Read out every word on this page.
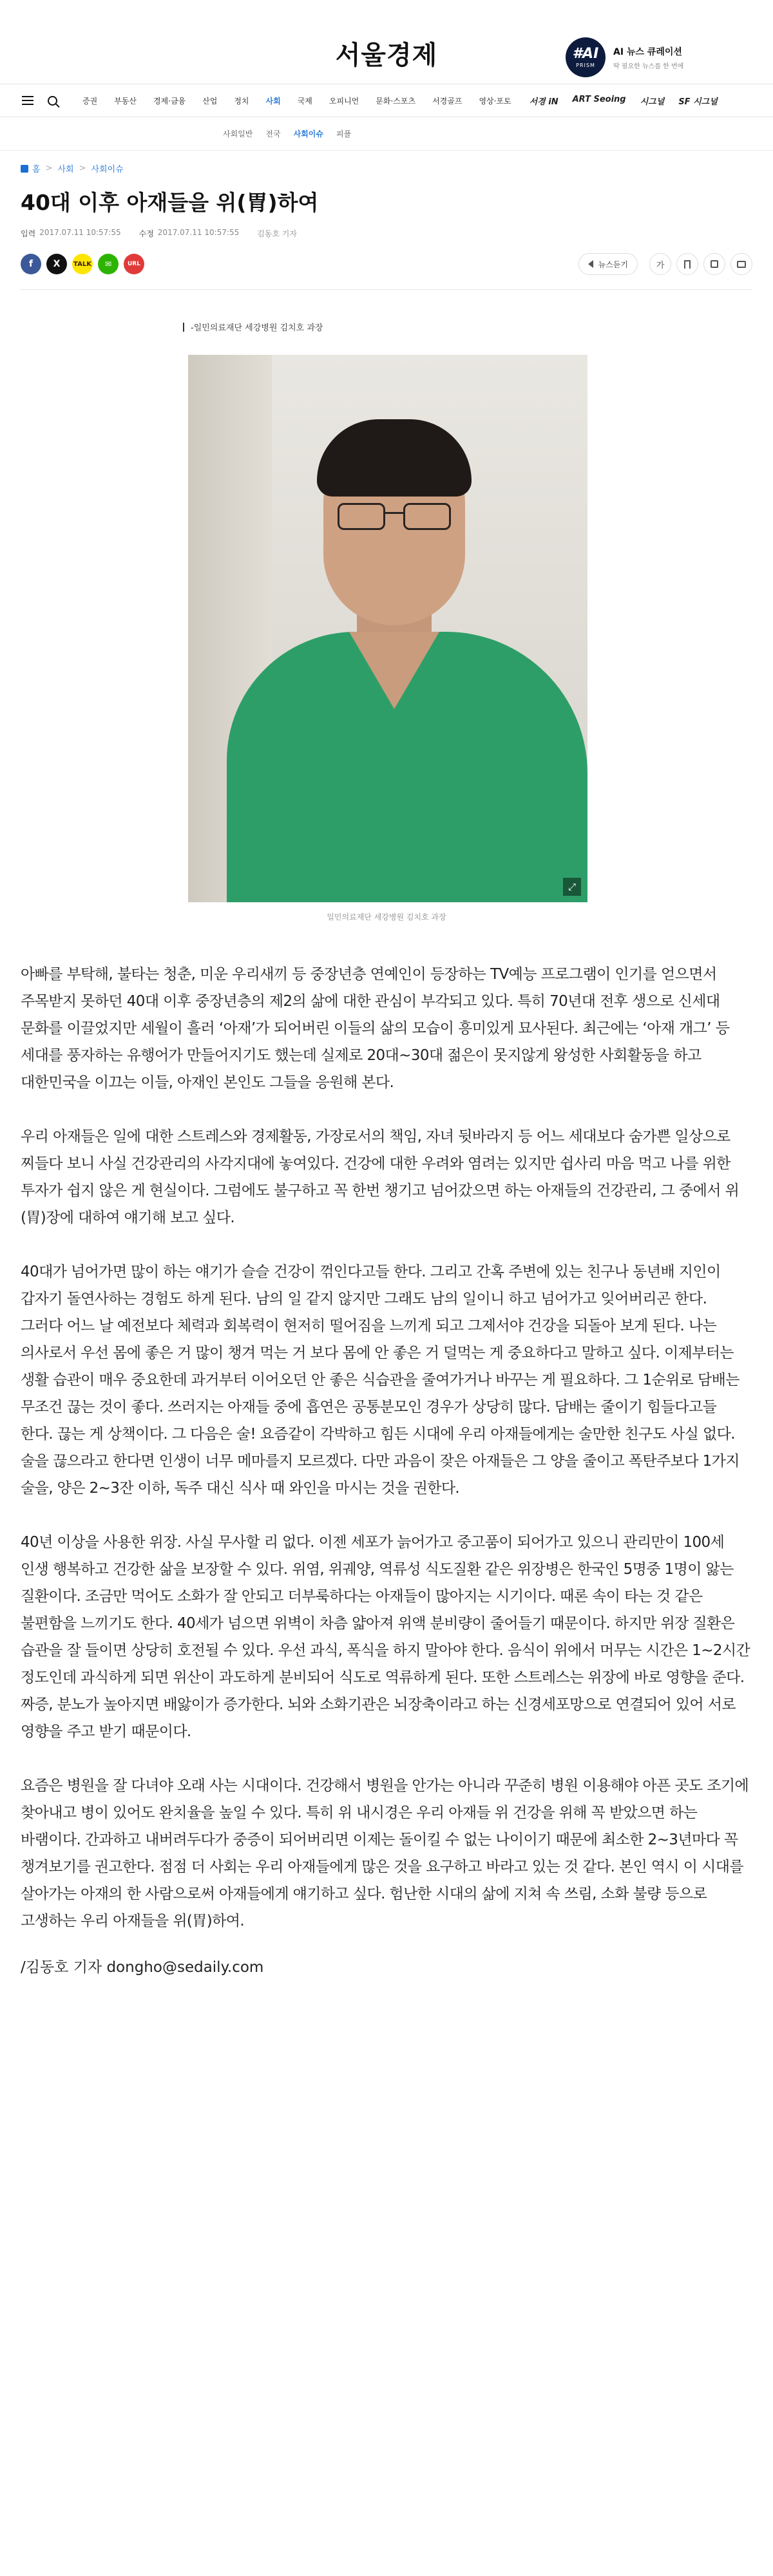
서울경제	#AI
PRISM
AI 뉴스 큐레이션
딱 필요한 뉴스를 한 번에
증권 부동산 경제·금융 산업 정치 사회 국제 오피니언 문화·스포츠 서경골프 영상·포토 서경 iN ART Seoing 시그널 SF 시그널
사회일반 전국 사회이슈 피플
홈 > 사회 > 사회이슈
40대 이후 아재들을 위(胃)하여
입력 2017.07.11 10:57:55 수정 2017.07.11 10:57:55 김동호 기자
f	X	TALK	✉	URL	뉴스듣기	가
-일민의료재단 세강병원 김치호 과장
⤢
일민의료재단 세강병원 김치호 과장

아빠를 부탁해, 불타는 청춘, 미운 우리새끼 등 중장년층 연예인이 등장하는 TV예능 프로그램이 인기를 얻으면서 주목받지 못하던 40대 이후 중장년층의 제2의 삶에 대한 관심이 부각되고 있다. 특히 70년대 전후 생으로 신세대 문화를 이끌었지만 세월이 흘러 ‘아재’가 되어버린 이들의 삶의 모습이 흥미있게 묘사된다. 최근에는 ‘아재 개그’ 등 세대를 풍자하는 유행어가 만들어지기도 했는데 실제로 20대~30대 젊은이 못지않게 왕성한 사회활동을 하고 대한민국을 이끄는 이들, 아재인 본인도 그들을 응원해 본다.

우리 아재들은 일에 대한 스트레스와 경제활동, 가장로서의 책임, 자녀 뒷바라지 등 어느 세대보다 숨가쁜 일상으로 찌들다 보니 사실 건강관리의 사각지대에 놓여있다. 건강에 대한 우려와 염려는 있지만 쉽사리 마음 먹고 나를 위한 투자가 쉽지 않은 게 현실이다. 그럼에도 불구하고 꼭 한번 챙기고 넘어갔으면 하는 아재들의 건강관리, 그 중에서 위(胃)장에 대하여 얘기해 보고 싶다.

40대가 넘어가면 많이 하는 얘기가 슬슬 건강이 꺾인다고들 한다. 그리고 간혹 주변에 있는 친구나 동년배 지인이 갑자기 돌연사하는 경험도 하게 된다. 남의 일 같지 않지만 그래도 남의 일이니 하고 넘어가고 잊어버리곤 한다. 그러다 어느 날 예전보다 체력과 회복력이 현저히 떨어짐을 느끼게 되고 그제서야 건강을 되돌아 보게 된다. 나는 의사로서 우선 몸에 좋은 거 많이 챙겨 먹는 거 보다 몸에 안 좋은 거 덜먹는 게 중요하다고 말하고 싶다. 이제부터는 생활 습관이 매우 중요한데 과거부터 이어오던 안 좋은 식습관을 줄여가거나 바꾸는 게 필요하다. 그 1순위로 담배는 무조건 끊는 것이 좋다. 쓰러지는 아재들 중에 흡연은 공통분모인 경우가 상당히 많다. 담배는 줄이기 힘들다고들 한다. 끊는 게 상책이다. 그 다음은 술! 요즘같이 각박하고 힘든 시대에 우리 아재들에게는 술만한 친구도 사실 없다. 술을 끊으라고 한다면 인생이 너무 메마를지 모르겠다. 다만 과음이 잦은 아재들은 그 양을 줄이고 폭탄주보다 1가지 술을, 양은 2~3잔 이하, 독주 대신 식사 때 와인을 마시는 것을 권한다.

40년 이상을 사용한 위장. 사실 무사할 리 없다. 이젠 세포가 늙어가고 중고품이 되어가고 있으니 관리만이 100세 인생 행복하고 건강한 삶을 보장할 수 있다. 위염, 위궤양, 역류성 식도질환 같은 위장병은 한국인 5명중 1명이 앓는 질환이다. 조금만 먹어도 소화가 잘 안되고 더부룩하다는 아재들이 많아지는 시기이다. 때론 속이 타는 것 같은 불편함을 느끼기도 한다. 40세가 넘으면 위벽이 차츰 얇아져 위액 분비량이 줄어들기 때문이다. 하지만 위장 질환은 습관을 잘 들이면 상당히 호전될 수 있다. 우선 과식, 폭식을 하지 말아야 한다. 음식이 위에서 머무는 시간은 1~2시간 정도인데 과식하게 되면 위산이 과도하게 분비되어 식도로 역류하게 된다. 또한 스트레스는 위장에 바로 영향을 준다. 짜증, 분노가 높아지면 배앓이가 증가한다. 뇌와 소화기관은 뇌장축이라고 하는 신경세포망으로 연결되어 있어 서로 영향을 주고 받기 때문이다.

요즘은 병원을 잘 다녀야 오래 사는 시대이다. 건강해서 병원을 안가는 아니라 꾸준히 병원 이용해야 아픈 곳도 조기에 찾아내고 병이 있어도 완치율을 높일 수 있다. 특히 위 내시경은 우리 아재들 위 건강을 위해 꼭 받았으면 하는 바램이다. 간과하고 내버려두다가 중증이 되어버리면 이제는 돌이킬 수 없는 나이이기 때문에 최소한 2~3년마다 꼭 챙겨보기를 권고한다. 점점 더 사회는 우리 아재들에게 많은 것을 요구하고 바라고 있는 것 같다. 본인 역시 이 시대를 살아가는 아재의 한 사람으로써 아재들에게 얘기하고 싶다. 험난한 시대의 삶에 지쳐 속 쓰림, 소화 불량 등으로 고생하는 우리 아재들을 위(胃)하여.

/김동호 기자 dongho@sedaily.com
